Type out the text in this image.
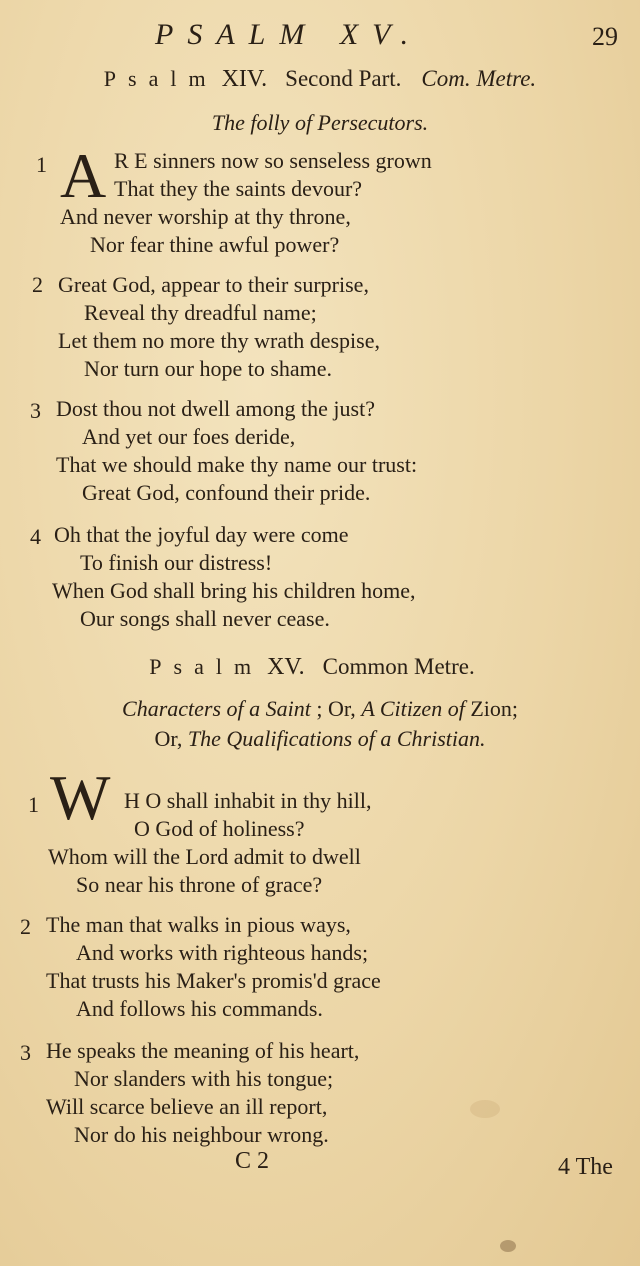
PSALM XV.	29
Psalm XIV. Second Part. Com. Metre.
The folly of Persecutors.
1 A R E sinners now so senseless grown
That they the saints devour?
And never worship at thy throne,
Nor fear thine awful power?
2 Great God, appear to their surprise,
Reveal thy dreadful name;
Let them no more thy wrath despise,
Nor turn our hope to shame.
3 Dost thou not dwell among the just?
And yet our foes deride,
That we should make thy name our trust:
Great God, confound their pride.
4 Oh that the joyful day were come
To finish our distress!
When God shall bring his children home,
Our songs shall never cease.
Psalm XV. Common Metre.
Characters of a Saint ; Or, A Citizen of Zion;
Or, The Qualifications of a Christian.
1 W H O shall inhabit in thy hill,
O God of holiness?
Whom will the Lord admit to dwell
So near his throne of grace?
2 The man that walks in pious ways,
And works with righteous hands;
That trusts his Maker's promis'd grace
And follows his commands.
3 He speaks the meaning of his heart,
Nor slanders with his tongue;
Will scarce believe an ill report,
Nor do his neighbour wrong.
C 2	4 The
